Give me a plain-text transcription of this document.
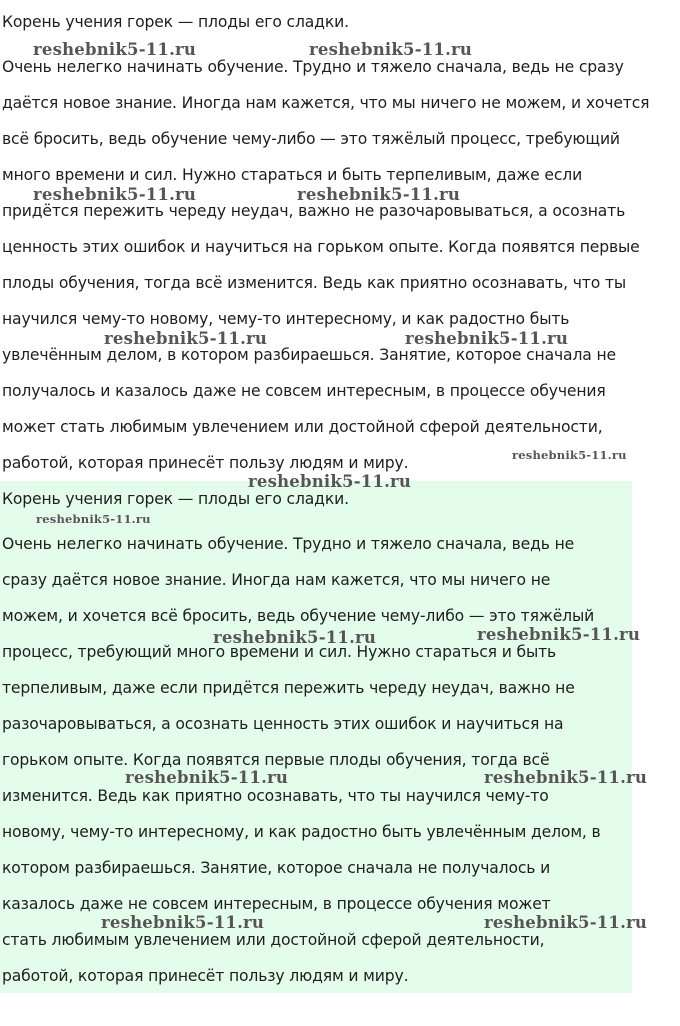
Корень учения горек — плоды его сладки.

Очень нелегко начинать обучение. Трудно и тяжело сначала, ведь не сразу

даётся новое знание. Иногда нам кажется, что мы ничего не можем, и хочется

всё бросить, ведь обучение чему-либо — это тяжёлый процесс, требующий

много времени и сил. Нужно стараться и быть терпеливым, даже если

придётся пережить череду неудач, важно не разочаровываться, а осознать

ценность этих ошибок и научиться на горьком опыте. Когда появятся первые

плоды обучения, тогда всё изменится. Ведь как приятно осознавать, что ты

научился чему-то новому, чему-то интересному, и как радостно быть

увлечённым делом, в котором разбираешься. Занятие, которое сначала не

получалось и казалось даже не совсем интересным, в процессе обучения

может стать любимым увлечением или достойной сферой деятельности,

работой, которая принесёт пользу людям и миру.

Корень учения горек — плоды его сладки.

Очень нелегко начинать обучение. Трудно и тяжело сначала, ведь не

сразу даётся новое знание. Иногда нам кажется, что мы ничего не

можем, и хочется всё бросить, ведь обучение чему-либо — это тяжёлый

процесс, требующий много времени и сил. Нужно стараться и быть

терпеливым, даже если придётся пережить череду неудач, важно не

разочаровываться, а осознать ценность этих ошибок и научиться на

горьком опыте. Когда появятся первые плоды обучения, тогда всё

изменится. Ведь как приятно осознавать, что ты научился чему-то

новому, чему-то интересному, и как радостно быть увлечённым делом, в

котором разбираешься. Занятие, которое сначала не получалось и

казалось даже не совсем интересным, в процессе обучения может

стать любимым увлечением или достойной сферой деятельности,

работой, которая принесёт пользу людям и миру.

reshebnik5-11.ru	reshebnik5-11.ru
reshebnik5-11.ru	reshebnik5-11.ru
reshebnik5-11.ru	reshebnik5-11.ru
reshebnik5-11.ru
reshebnik5-11.ru
reshebnik5-11.ru
reshebnik5-11.ru	reshebnik5-11.ru
reshebnik5-11.ru	reshebnik5-11.ru
reshebnik5-11.ru	reshebnik5-11.ru
